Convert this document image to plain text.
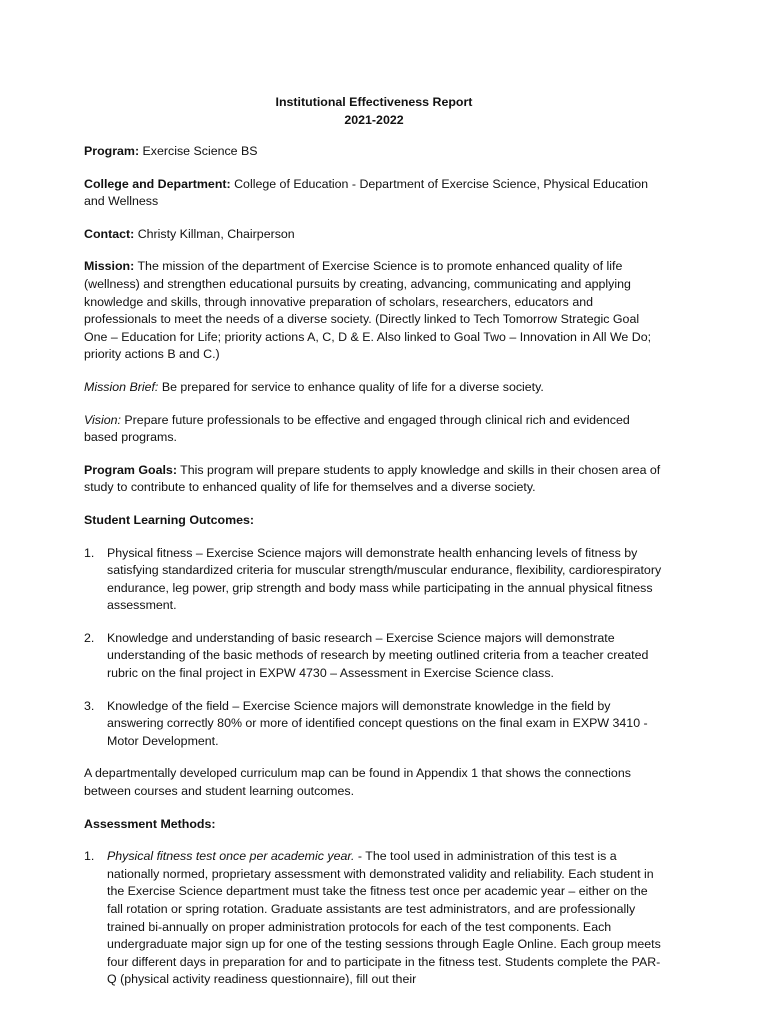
Institutional Effectiveness Report
2021-2022

Program: Exercise Science BS

College and Department: College of Education - Department of Exercise Science, Physical Education and Wellness

Contact: Christy Killman, Chairperson

Mission: The mission of the department of Exercise Science is to promote enhanced quality of life (wellness) and strengthen educational pursuits by creating, advancing, communicating and applying knowledge and skills, through innovative preparation of scholars, researchers, educators and professionals to meet the needs of a diverse society. (Directly linked to Tech Tomorrow Strategic Goal One – Education for Life; priority actions A, C, D & E. Also linked to Goal Two – Innovation in All We Do; priority actions B and C.)

Mission Brief: Be prepared for service to enhance quality of life for a diverse society.

Vision: Prepare future professionals to be effective and engaged through clinical rich and evidenced based programs.

Program Goals: This program will prepare students to apply knowledge and skills in their chosen area of study to contribute to enhanced quality of life for themselves and a diverse society.

Student Learning Outcomes:

1. Physical fitness – Exercise Science majors will demonstrate health enhancing levels of fitness by satisfying standardized criteria for muscular strength/muscular endurance, flexibility, cardiorespiratory endurance, leg power, grip strength and body mass while participating in the annual physical fitness assessment.
2. Knowledge and understanding of basic research – Exercise Science majors will demonstrate understanding of the basic methods of research by meeting outlined criteria from a teacher created rubric on the final project in EXPW 4730 – Assessment in Exercise Science class.
3. Knowledge of the field – Exercise Science majors will demonstrate knowledge in the field by answering correctly 80% or more of identified concept questions on the final exam in EXPW 3410 - Motor Development.

A departmentally developed curriculum map can be found in Appendix 1 that shows the connections between courses and student learning outcomes.

Assessment Methods:

1. Physical fitness test once per academic year. - The tool used in administration of this test is a nationally normed, proprietary assessment with demonstrated validity and reliability. Each student in the Exercise Science department must take the fitness test once per academic year – either on the fall rotation or spring rotation. Graduate assistants are test administrators, and are professionally trained bi-annually on proper administration protocols for each of the test components. Each undergraduate major sign up for one of the testing sessions through Eagle Online. Each group meets four different days in preparation for and to participate in the fitness test. Students complete the PAR-Q (physical activity readiness questionnaire), fill out their
